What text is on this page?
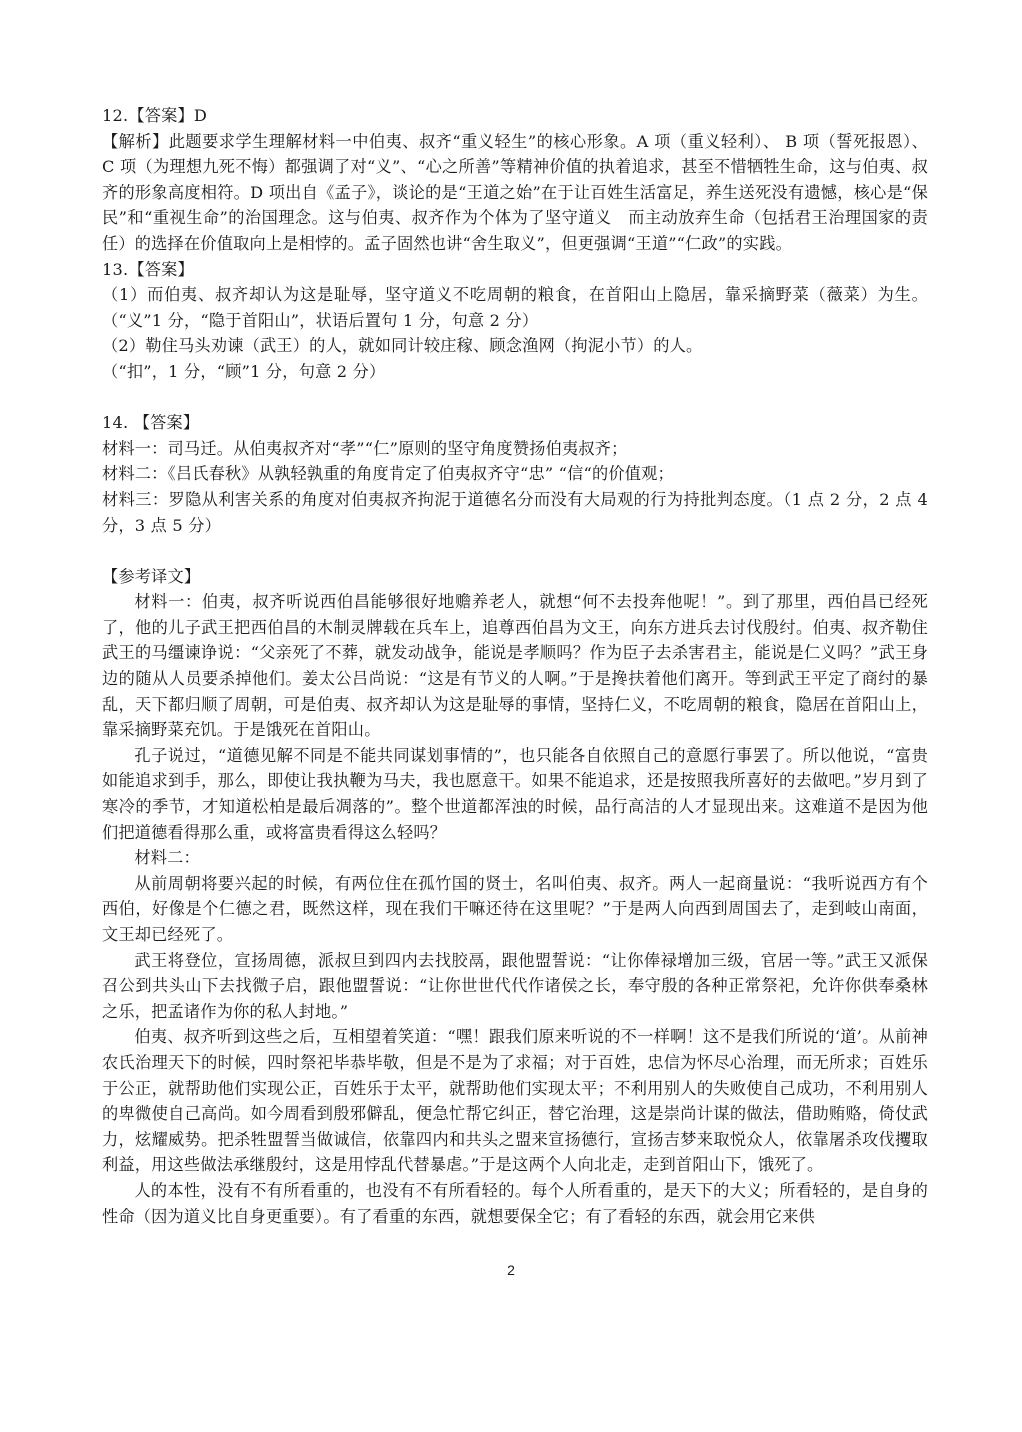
12.【答案】D

【解析】此题要求学生理解材料一中伯夷、叔齐“重义轻生”的核心形象。A 项（重义轻利）、 B 项（誓死报恩）、 C 项（为理想九死不悔）都强调了对“义”、“心之所善”等精神价值的执着追求，甚至不惜牺牲生命，这与伯夷、叔齐的形象高度相符。D 项出自《孟子》，谈论的是“王道之始”在于让百姓生活富足，养生送死没有遗憾，核心是“保民”和“重视生命”的治国理念。这与伯夷、叔齐作为个体为了坚守道义　而主动放弃生命（包括君王治理国家的责任）的选择在价值取向上是相悖的。孟子固然也讲“舍生取义”，但更强调“王道”“仁政”的实践。

13.【答案】

（1）而伯夷、叔齐却认为这是耻辱，坚守道义不吃周朝的粮食，在首阳山上隐居，靠采摘野菜（薇菜）为生。（“义”1 分，“隐于首阳山”，状语后置句 1 分，句意 2 分）

（2）勒住马头劝谏（武王）的人，就如同计较庄稼、顾念渔网（拘泥小节）的人。

（“扣”，1 分，“顾”1 分，句意 2 分）

14. 【答案】

材料一：司马迁。从伯夷叔齐对“孝”“仁”原则的坚守角度赞扬伯夷叔齐；

材料二：《吕氏春秋》从孰轻孰重的角度肯定了伯夷叔齐守“忠” “信“的价值观；

材料三：罗隐从利害关系的角度对伯夷叔齐拘泥于道德名分而没有大局观的行为持批判态度。（1 点 2 分，2 点 4 分，3 点 5 分）

【参考译文】

材料一：伯夷，叔齐听说西伯昌能够很好地赡养老人，就想“何不去投奔他呢！”。到了那里，西伯昌已经死了，他的儿子武王把西伯昌的木制灵牌载在兵车上，追尊西伯昌为文王，向东方进兵去讨伐殷纣。伯夷、叔齐勒住武王的马缰谏诤说：“父亲死了不葬，就发动战争，能说是孝顺吗？作为臣子去杀害君主，能说是仁义吗？”武王身边的随从人员要杀掉他们。姜太公吕尚说：“这是有节义的人啊。”于是搀扶着他们离开。等到武王平定了商纣的暴乱，天下都归顺了周朝，可是伯夷、叔齐却认为这是耻辱的事情，坚持仁义，不吃周朝的粮食，隐居在首阳山上，靠采摘野菜充饥。于是饿死在首阳山。

孔子说过，“道德见解不同是不能共同谋划事情的”，也只能各自依照自己的意愿行事罢了。所以他说，“富贵如能追求到手，那么，即使让我执鞭为马夫，我也愿意干。如果不能追求，还是按照我所喜好的去做吧。”岁月到了寒冷的季节，才知道松柏是最后凋落的”。整个世道都浑浊的时候，品行高洁的人才显现出来。这难道不是因为他们把道德看得那么重，或将富贵看得这么轻吗？

材料二：

从前周朝将要兴起的时候，有两位住在孤竹国的贤士，名叫伯夷、叔齐。两人一起商量说：“我听说西方有个西伯，好像是个仁德之君，既然这样，现在我们干嘛还待在这里呢？”于是两人向西到周国去了，走到岐山南面，文王却已经死了。

武王将登位，宣扬周德，派叔旦到四内去找胶鬲，跟他盟誓说：“让你俸禄增加三级，官居一等。”武王又派保召公到共头山下去找微子启，跟他盟誓说：“让你世世代代作诸侯之长，奉守殷的各种正常祭祀，允许你供奉桑林之乐，把孟诸作为你的私人封地。”

伯夷、叔齐听到这些之后，互相望着笑道：“嘿！跟我们原来听说的不一样啊！这不是我们所说的‘道’。从前神农氏治理天下的时候，四时祭祀毕恭毕敬，但是不是为了求福；对于百姓，忠信为怀尽心治理，而无所求；百姓乐于公正，就帮助他们实现公正，百姓乐于太平，就帮助他们实现太平；不利用别人的失败使自己成功，不利用别人的卑微使自己高尚。如今周看到殷邪僻乱，便急忙帮它纠正，替它治理，这是崇尚计谋的做法，借助贿赂，倚仗武力，炫耀威势。把杀牲盟誓当做诚信，依靠四内和共头之盟来宣扬德行，宣扬吉梦来取悦众人，依靠屠杀攻伐攫取利益，用这些做法承继殷纣，这是用悖乱代替暴虐。”于是这两个人向北走，走到首阳山下，饿死了。

人的本性，没有不有所看重的，也没有不有所看轻的。每个人所看重的，是天下的大义；所看轻的，是自身的性命（因为道义比自身更重要）。有了看重的东西，就想要保全它；有了看轻的东西，就会用它来供

2
